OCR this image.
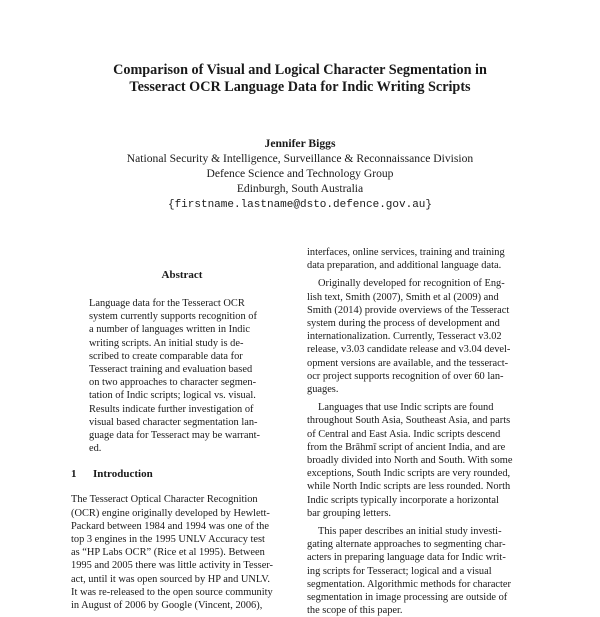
Comparison of Visual and Logical Character Segmentation in
Tesseract OCR Language Data for Indic Writing Scripts
Jennifer Biggs
National Security & Intelligence, Surveillance & Reconnaissance Division
Defence Science and Technology Group
Edinburgh, South Australia
{firstname.lastname@dsto.defence.gov.au}
Abstract
Language data for the Tesseract OCR
system currently supports recognition of
a number of languages written in Indic
writing scripts. An initial study is de-
scribed to create comparable data for
Tesseract training and evaluation based
on two approaches to character segmen-
tation of Indic scripts; logical vs. visual.
Results indicate further investigation of
visual based character segmentation lan-
guage data for Tesseract may be warrant-
ed.
1 Introduction
The Tesseract Optical Character Recognition
(OCR) engine originally developed by Hewlett-
Packard between 1984 and 1994 was one of the
top 3 engines in the 1995 UNLV Accuracy test
as “HP Labs OCR” (Rice et al 1995). Between
1995 and 2005 there was little activity in Tesser-
act, until it was open sourced by HP and UNLV.
It was re-released to the open source community
in August of 2006 by Google (Vincent, 2006),
interfaces, online services, training and training
data preparation, and additional language data.
Originally developed for recognition of Eng-
lish text, Smith (2007), Smith et al (2009) and
Smith (2014) provide overviews of the Tesseract
system during the process of development and
internationalization. Currently, Tesseract v3.02
release, v3.03 candidate release and v3.04 devel-
opment versions are available, and the tesseract-
ocr project supports recognition of over 60 lan-
guages.
Languages that use Indic scripts are found
throughout South Asia, Southeast Asia, and parts
of Central and East Asia. Indic scripts descend
from the Brāhmī script of ancient India, and are
broadly divided into North and South. With some
exceptions, South Indic scripts are very rounded,
while North Indic scripts are less rounded. North
Indic scripts typically incorporate a horizontal
bar grouping letters.
This paper describes an initial study investi-
gating alternate approaches to segmenting char-
acters in preparing language data for Indic writ-
ing scripts for Tesseract; logical and a visual
segmentation. Algorithmic methods for character
segmentation in image processing are outside of
the scope of this paper.
